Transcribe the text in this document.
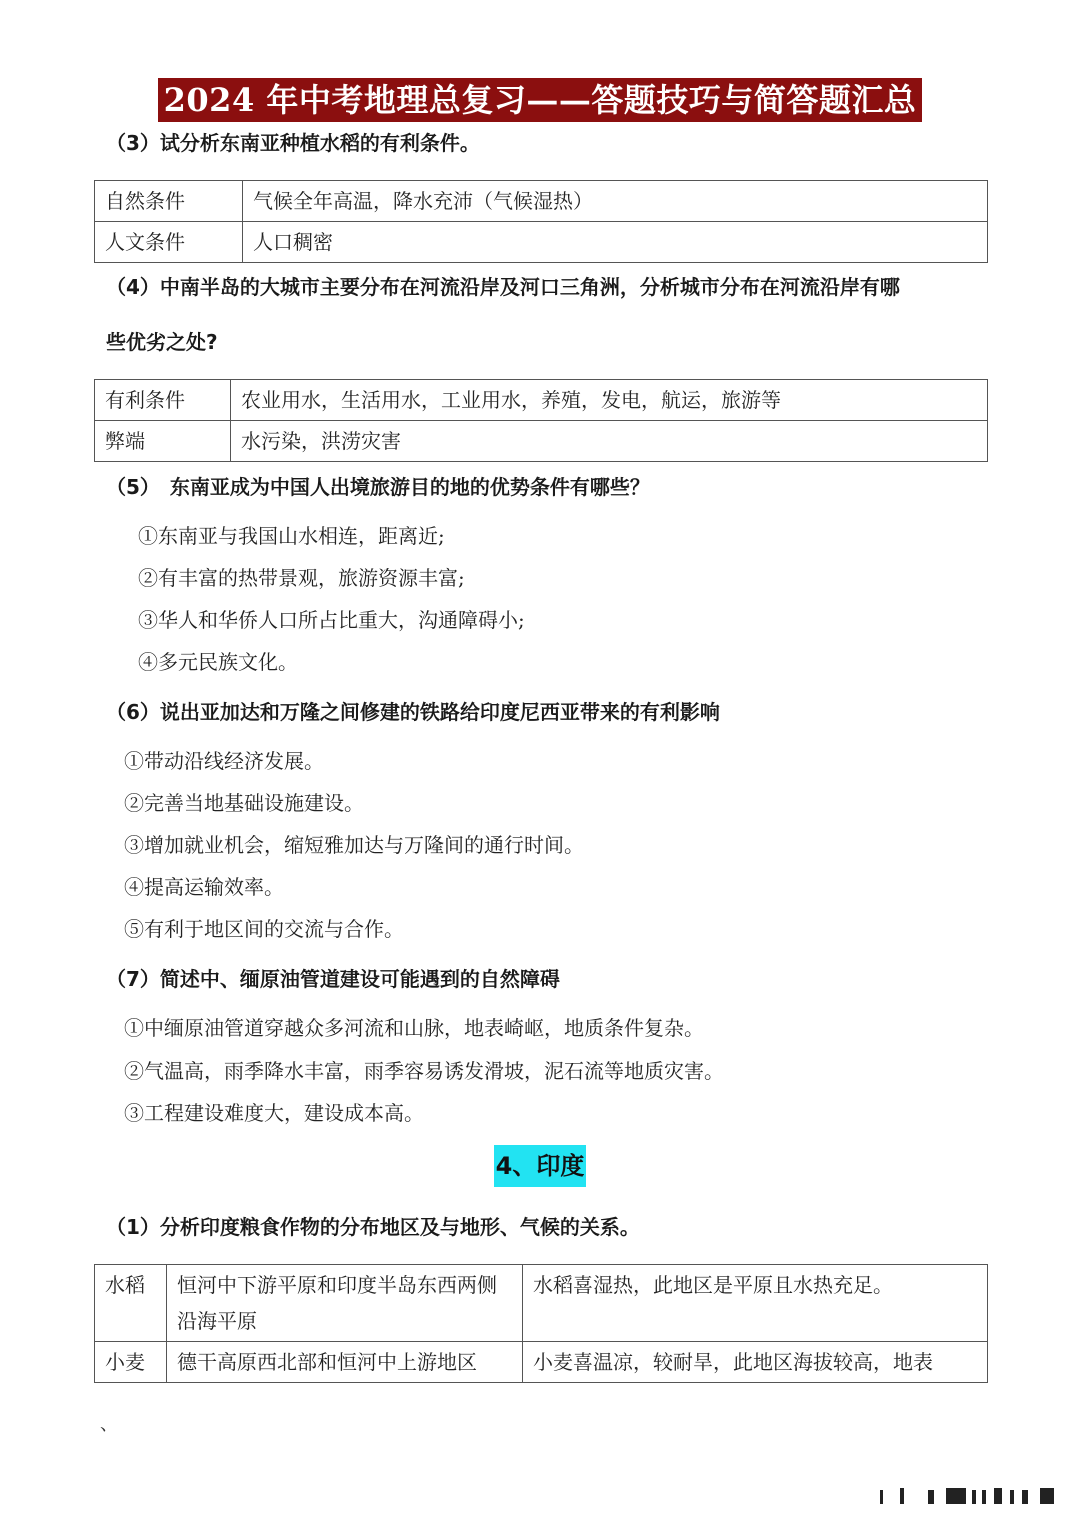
2024 年中考地理总复习——答题技巧与简答题汇总
（3）试分析东南亚种植水稻的有利条件。
自然条件	气候全年高温，降水充沛（气候湿热）
人文条件	人口稠密
（4）中南半岛的大城市主要分布在河流沿岸及河口三角洲，分析城市分布在河流沿岸有哪
些优劣之处?
有利条件	农业用水，生活用水，工业用水，养殖，发电，航运，旅游等
弊端	水污染，洪涝灾害
（5）　东南亚成为中国人出境旅游目的地的优势条件有哪些？
①东南亚与我国山水相连，距离近;
②有丰富的热带景观，旅游资源丰富;
③华人和华侨人口所占比重大，沟通障碍小;
④多元民族文化。
（6）说出亚加达和万隆之间修建的铁路给印度尼西亚带来的有利影响
①带动沿线经济发展。
②完善当地基础设施建设。
③增加就业机会，缩短雅加达与万隆间的通行时间。
④提高运输效率。
⑤有利于地区间的交流与合作。
（7）简述中、缅原油管道建设可能遇到的自然障碍
①中缅原油管道穿越众多河流和山脉，地表崎岖，地质条件复杂。
②气温高，雨季降水丰富，雨季容易诱发滑坡，泥石流等地质灾害。
③工程建设难度大，建设成本高。
4、印度
（1）分析印度粮食作物的分布地区及与地形、气候的关系。
水稻	恒河中下游平原和印度半岛东西两侧沿海平原	水稻喜湿热，此地区是平原且水热充足。
小麦	德干高原西北部和恒河中上游地区	小麦喜温凉，较耐旱，此地区海拔较高，地表
、
